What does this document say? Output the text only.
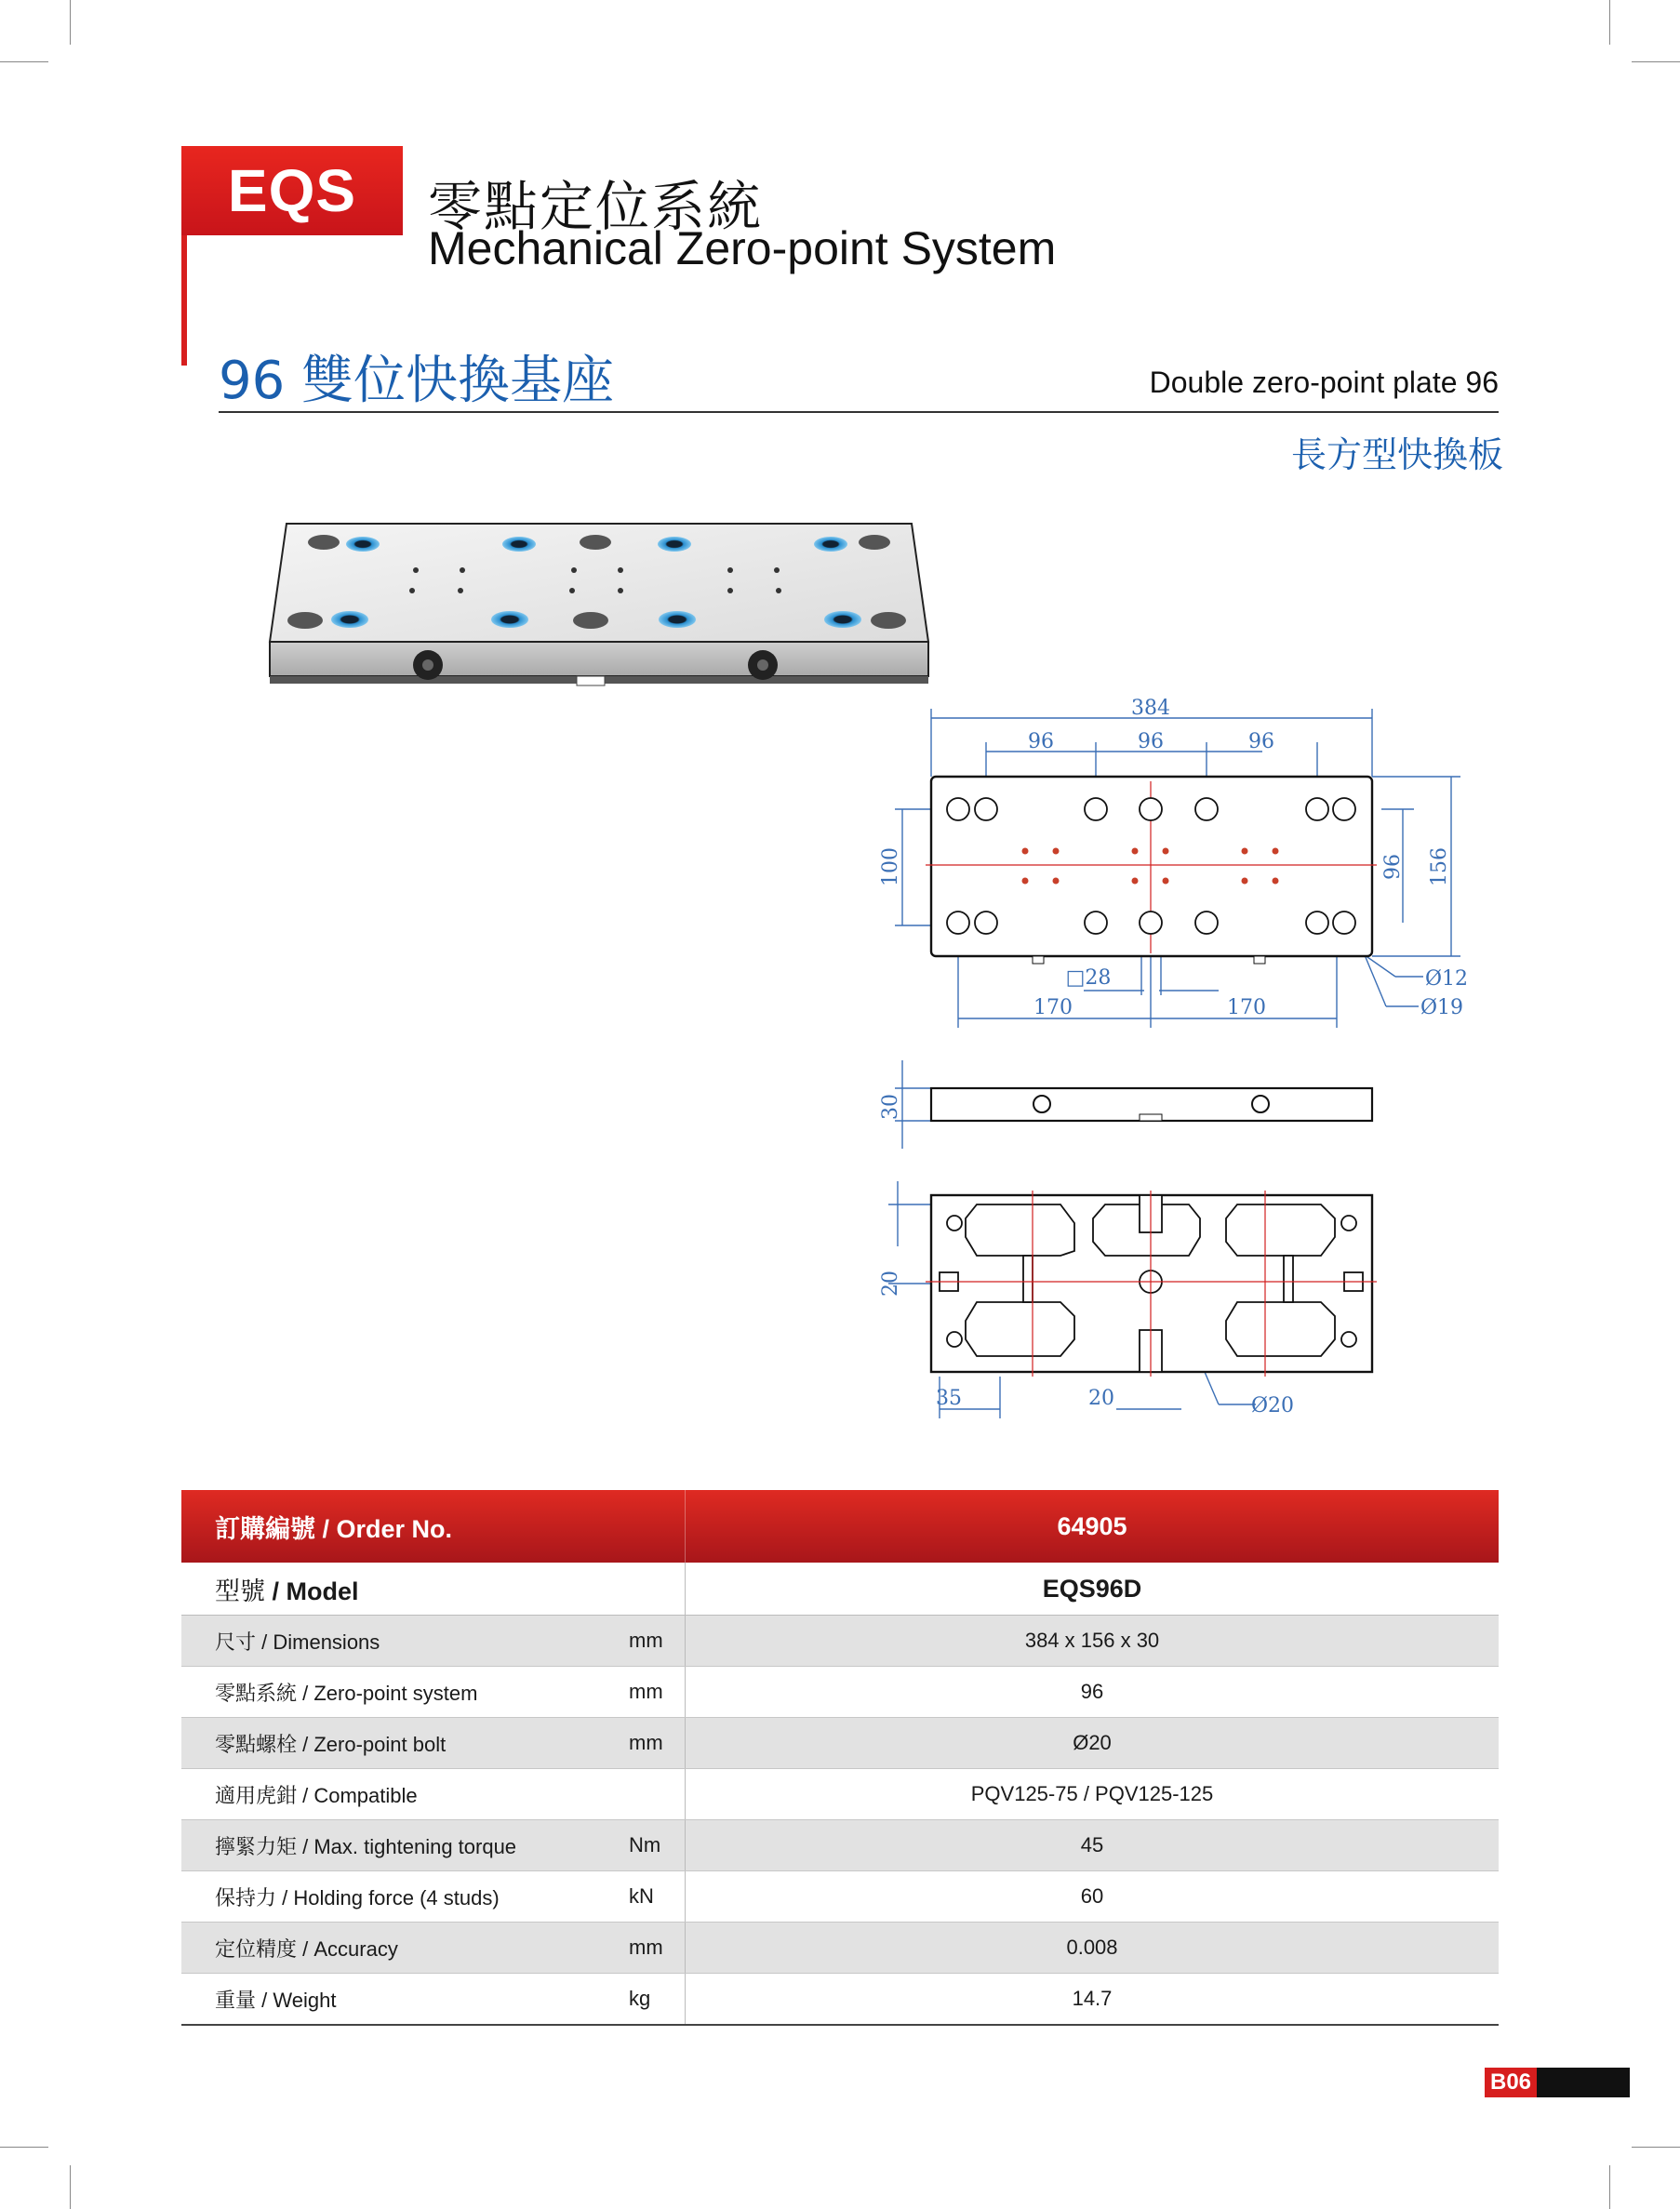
EQS	零點定位系統
Mechanical Zero-point System
96 雙位快換基座	Double zero-point plate 96
長方型快換板
384
96	96	96
100	96 156
□28
170	170
Ø12
Ø19
30
20
35	20	Ø20
訂購編號 / Order No.		64905
型號 / Model		EQS96D
尺寸 / Dimensions	mm	384 x 156 x 30
零點系統 / Zero-point system	mm	96
零點螺栓 / Zero-point bolt	mm	Ø20
適用虎鉗 / Compatible		PQV125-75 / PQV125-125
擰緊力矩 / Max. tightening torque	Nm	45
保持力 / Holding force (4 studs)	kN	60
定位精度 / Accuracy	mm	0.008
重量 / Weight	kg	14.7
B06
